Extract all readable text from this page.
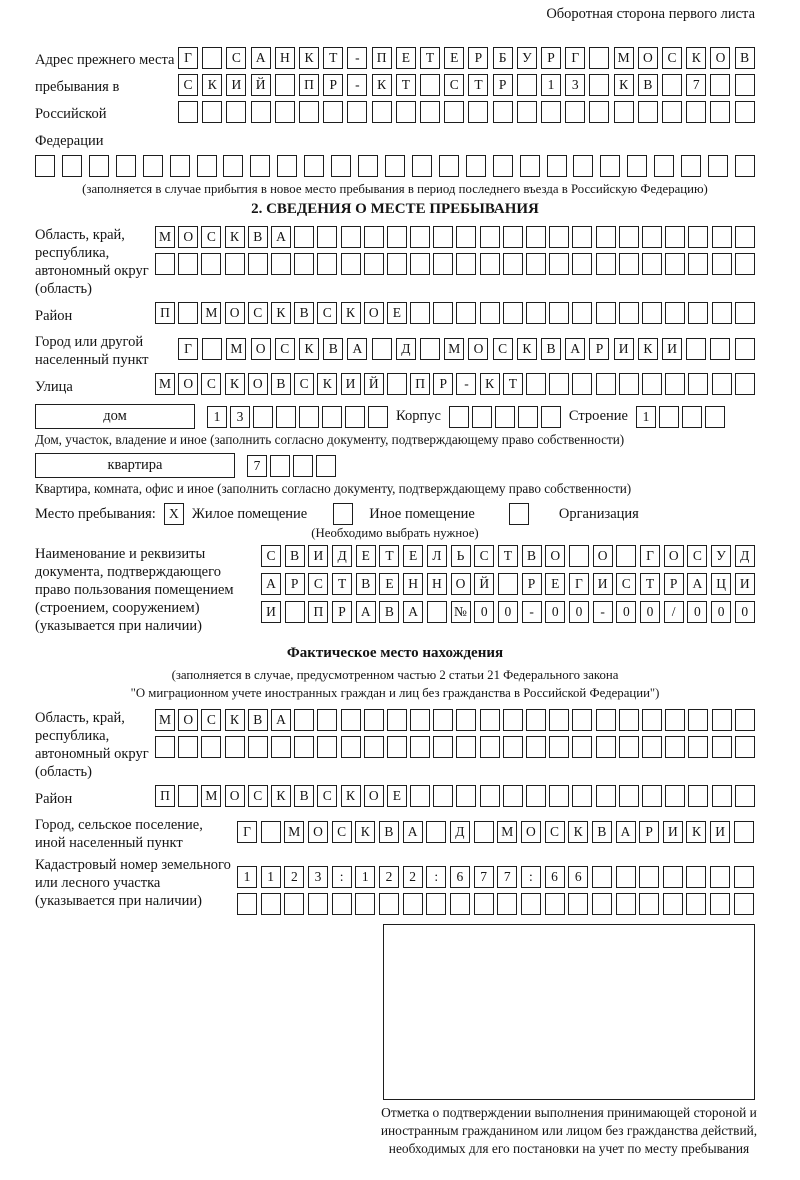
Оборотная сторона первого листа
Адрес прежнего места пребывания в Российской Федерации
Г	С	А	Н	К	Т	-	П	Е	Т	Е	Р	Б	У	Р	Г	М О	С	К	О	В
С	К	И	Й	П	Р	-	К	Т	С	Т	Р	1	3	К	В	7
(заполняется в случае прибытия в новое место пребывания в период последнего въезда в Российскую Федерацию)
2. СВЕДЕНИЯ О МЕСТЕ ПРЕБЫВАНИЯ
Область, край, республика, автономный округ (область)
М О	С	К	В	А
Район	П	М О	С	К	В	С	К	О	Е
Город или другой населенный пункт
Г	М О	С	К	В	А	Д	М О	С	К	В	А	Р	И	К	И
Улица	М О	С	К	О	В	С	К	И Й	П	Р	-	К	Т
дом	1	3	Корпус	Строение	1
Дом, участок, владение и иное (заполнить согласно документу, подтверждающему право собственности)
квартира	7
Квартира, комната, офис и иное (заполнить согласно документу, подтверждающему право собственности)
Место пребывания: X Жилое помещение	Иное помещение	Организация
(Необходимо выбрать нужное)
Наименование и реквизиты документа, подтверждающего право пользования помещением (строением, сооружением) (указывается при наличии)
С	В	И	Д	Е	Т	Е	Л	Ь	С	Т	В	О	О	Г	О	С	У	Д
А	Р	С	Т	В	Е	Н	Н	О	Й	Р	Е	Г	И	С	Т	Р	А	Ц	И
И	П	Р	А	В	А	№	0	0	-	0	0	-	0	0	/	0	0	0
Фактическое место нахождения
(заполняется в случае, предусмотренном частью 2 статьи 21 Федерального закона
"О миграционном учете иностранных граждан и лиц без гражданства в Российской Федерации")
Область, край, республика, автономный округ (область)
М О	С	К	В	А
Район	П	М О	С	К	В	С	К	О	Е
Город, сельское поселение, иной населенный пункт
Г	М О	С	К	В	А	Д	М О	С	К	В	А	Р	И	К	И
Кадастровый номер земельного или лесного участка (указывается при наличии)
1	1	2	3	:	1	2	2	:	6	7	7	:	6	6
Отметка о подтверждении выполнения принимающей стороной и иностранным гражданином или лицом без гражданства действий, необходимых для его постановки на учет по месту пребывания
